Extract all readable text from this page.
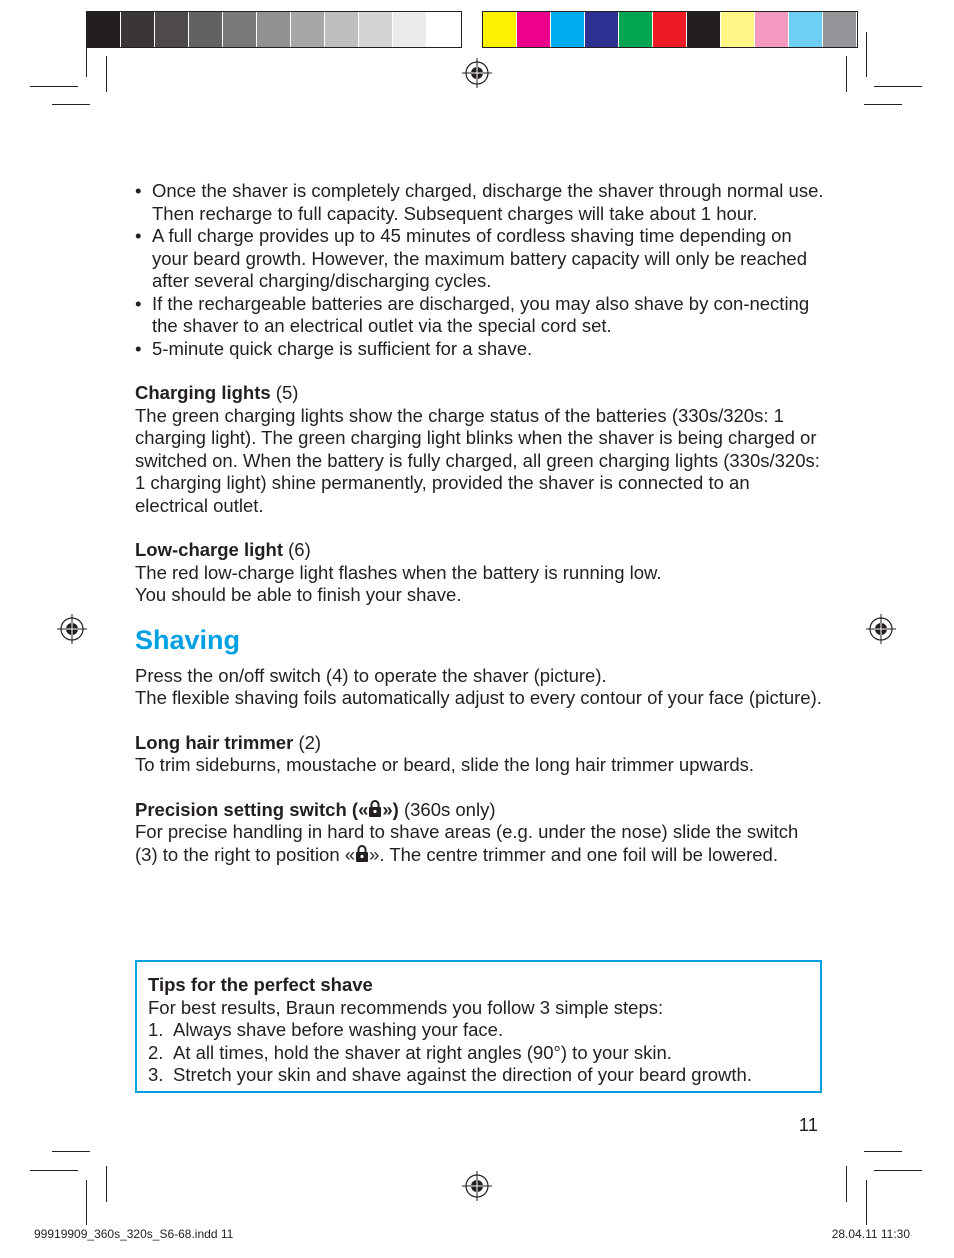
• Once the shaver is completely charged, discharge the shaver through normal use. Then recharge to full capacity. Subsequent charges will take about 1 hour.
• A full charge provides up to 45 minutes of cordless shaving time depending on your beard growth. However, the maximum battery capacity will only be reached after several charging/discharging cycles.
• If the rechargeable batteries are discharged, you may also shave by con-necting the shaver to an electrical outlet via the special cord set.
• 5-minute quick charge is sufficient for a shave.
Charging lights (5)
The green charging lights show the charge status of the batteries (330s/320s: 1 charging light). The green charging light blinks when the shaver is being charged or switched on. When the battery is fully charged, all green charging lights (330s/320s: 1 charging light) shine permanently, provided the shaver is connected to an electrical outlet.
Low-charge light (6)
The red low-charge light flashes when the battery is running low.
You should be able to finish your shave.
Shaving
Press the on/off switch (4) to operate the shaver (picture).
The flexible shaving foils automatically adjust to every contour of your face (picture).
Long hair trimmer (2)
To trim sideburns, moustache or beard, slide the long hair trimmer upwards.
Precision setting switch (« ») (360s only)
For precise handling in hard to shave areas (e.g. under the nose) slide the switch (3) to the right to position « ». The centre trimmer and one foil will be lowered.
Tips for the perfect shave
For best results, Braun recommends you follow 3 simple steps:
1. Always shave before washing your face.
2. At all times, hold the shaver at right angles (90°) to your skin.
3. Stretch your skin and shave against the direction of your beard growth.
11
99919909_360s_320s_S6-68.indd 11	28.04.11 11:30
